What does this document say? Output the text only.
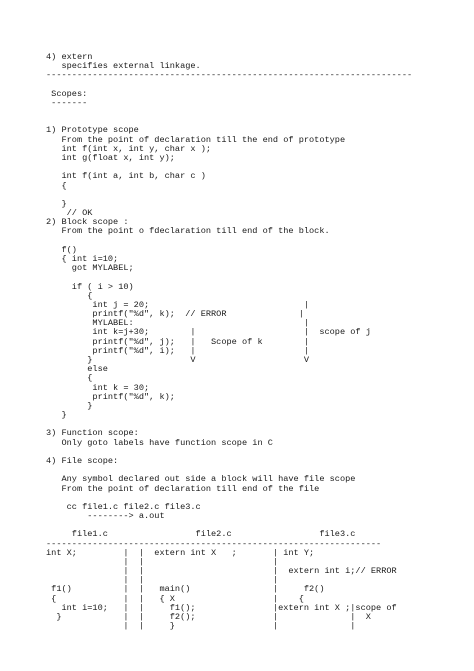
4) extern
specifies external linkage.
-----------------------------------------------------------------------
Scopes:
-------
1) Prototype scope
From the point of declaration till the end of prototype
int f(int x, int y, char x );
int g(float x, int y);
int f(int a, int b, char c )
{
}
// OK
2) Block scope :
From the point o fdeclaration till end of the block.
f()
{ int i=10;
got MYLABEL;
if ( i > 10)
{
int j = 20;                              |
printf("%d", k);  // ERROR              |
MYLABEL:                                 |
int k=j+30;        |                     |  scope of j
printf("%d", j);   |   Scope of k        |
printf("%d", i);   |                     |
}                   V                     V
else
{
int k = 30;
printf("%d", k);
}
}
3) Function scope:
Only goto labels have function scope in C
4) File scope:
Any symbol declared out side a block will have file scope
From the point of declaration till end of the file
cc file1.c file2.c file3.c
--------> a.out
file1.c                 file2.c                 file3.c
-----------------------------------------------------------------
int X;         |  |  extern int X   ;       | int Y;
|  |                         |
|  |                         |  extern int i;// ERROR
|  |                         |
f1()          |  |   main()                |     f2()
{             |  |   { X                   |    {
int i=10;   |  |     f1();               |extern int X ;|scope of
}            |  |     f2();               |              |  X
|  |     }                   |              |
